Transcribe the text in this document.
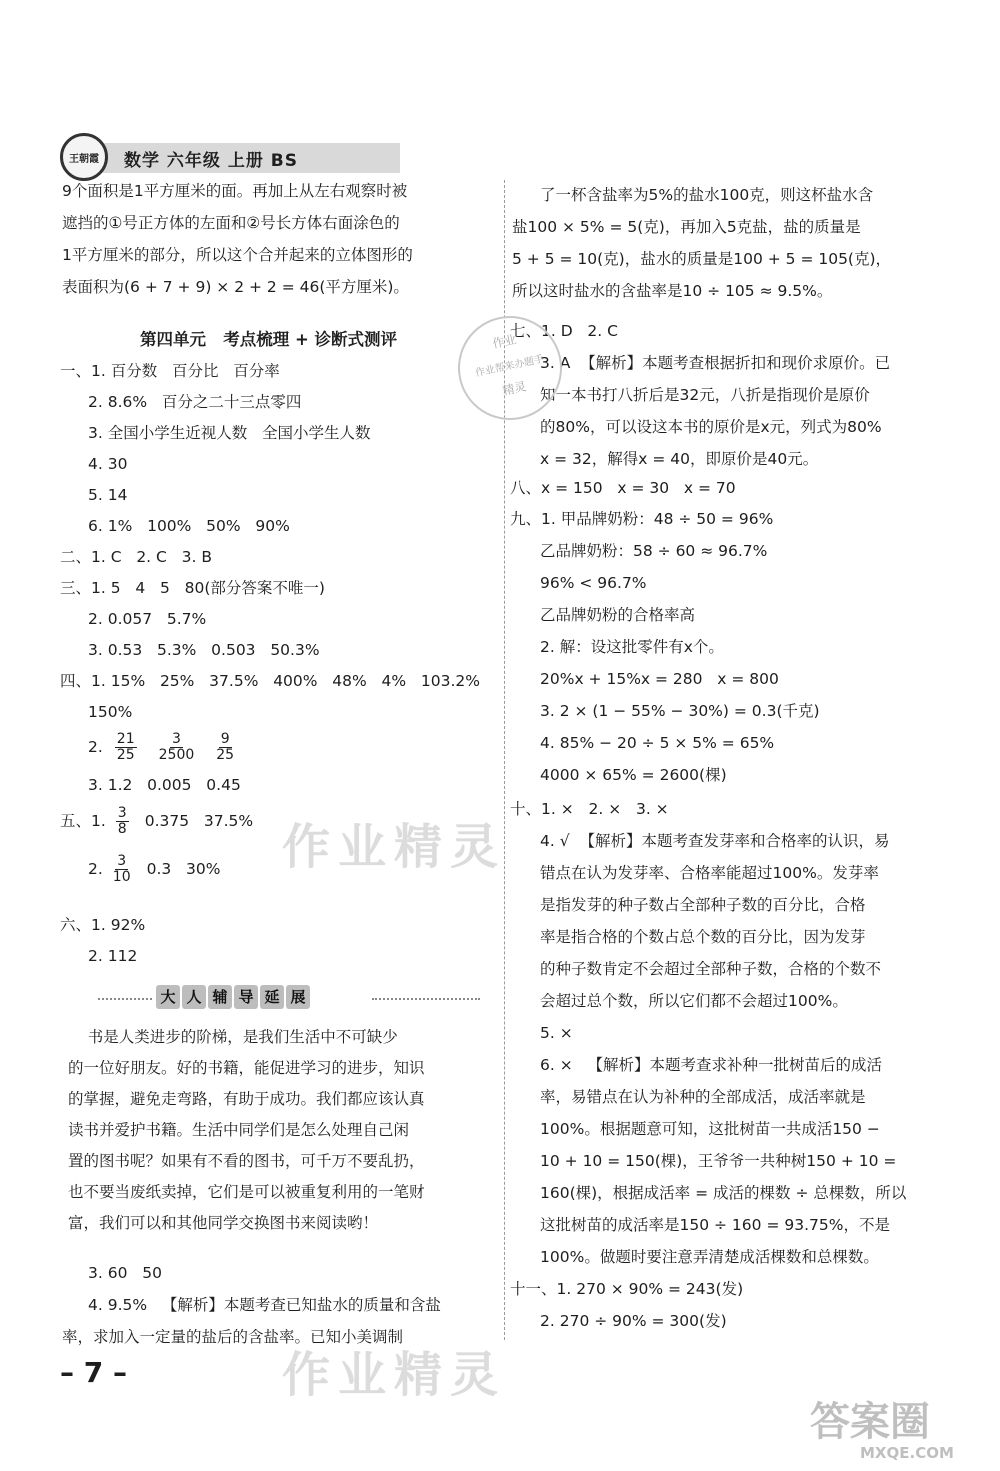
王朝霞	数学 六年级 上册 BS
9个面积是1平方厘米的面。再加上从左右观察时被
遮挡的①号正方体的左面和②号长方体右面涂色的
1平方厘米的部分，所以这个合并起来的立体图形的
表面积为(6 + 7 + 9) × 2 + 2 = 46(平方厘米)。
第四单元   考点梳理 + 诊断式测评
一、1. 百分数   百分比   百分率
2. 8.6%   百分之二十三点零四
3. 全国小学生近视人数   全国小学生人数
4. 30
5. 14
6. 1%   100%   50%   90%
二、1. C   2. C   3. B
三、1. 5   4   5   80(部分答案不唯一)
2. 0.057   5.7%
3. 0.53   5.3%   0.503   50.3%
四、1. 15%   25%   37.5%   400%   48%   4%   103.2%
150%
2. $\frac{21}{25} \frac{3}{2500} \frac{9}{25}$
3. 1.2   0.005   0.45
五、1. $\frac{3}{8} 0.375$   37.5%
2. $\frac{3}{10} 0.3$   30%
六、1. 92%
2. 112
书是人类进步的阶梯，是我们生活中不可缺少
的一位好朋友。好的书籍，能促进学习的进步，知识
的掌握，避免走弯路，有助于成功。我们都应该认真
读书并爱护书籍。生活中同学们是怎么处理自己闲
置的图书呢？如果有不看的图书，可千万不要乱扔，
也不要当废纸卖掉，它们是可以被重复利用的一笔财
富，我们可以和其他同学交换图书来阅读哟！
3. 60   50
4. 9.5%   【解析】本题考查已知盐水的质量和含盐
率，求加入一定量的盐后的含盐率。已知小美调制
大 人 辅 导 延 展
了一杯含盐率为5%的盐水100克，则这杯盐水含
盐100 × 5% = 5(克)，再加入5克盐，盐的质量是
5 + 5 = 10(克)，盐水的质量是100 + 5 = 105(克)，
所以这时盐水的含盐率是10 ÷ 105 ≈ 9.5%。
七、1. D   2. C
3. A  【解析】本题考查根据折扣和现价求原价。已
知一本书打八折后是32元，八折是指现价是原价
的80%，可以设这本书的原价是x元，列式为80%
x = 32，解得x = 40，即原价是40元。
八、x = 150   x = 30   x = 70
九、1. 甲品牌奶粉：48 ÷ 50 = 96%
乙品牌奶粉：58 ÷ 60 ≈ 96.7%
96% < 96.7%
乙品牌奶粉的合格率高
2. 解：设这批零件有x个。
20%x + 15%x = 280   x = 800
3. 2 × (1 − 55% − 30%) = 0.3(千克)
4. 85% − 20 ÷ 5 × 5% = 65%
4000 × 65% = 2600(棵)
十、1. ×   2. ×   3. ×
4. √  【解析】本题考查发芽率和合格率的认识，易
错点在认为发芽率、合格率能超过100%。发芽率
是指发芽的种子数占全部种子数的百分比，合格
率是指合格的个数占总个数的百分比，因为发芽
的种子数肯定不会超过全部种子数，合格的个数不
会超过总个数，所以它们都不会超过100%。
5. ×
6. ×   【解析】本题考查求补种一批树苗后的成活
率，易错点在认为补种的全部成活，成活率就是
100%。根据题意可知，这批树苗一共成活150 −
10 + 10 = 150(棵)，王爷爷一共种树150 + 10 =
160(棵)，根据成活率 = 成活的棵数 ÷ 总棵数，所以
这批树苗的成活率是150 ÷ 160 = 93.75%，不是
100%。做题时要注意弄清楚成活棵数和总棵数。
十一、1. 270 × 90% = 243(发)
2. 270 ÷ 90% = 300(发)
作业
作业帮来办题手
精灵
作业精灵
作业精灵
– 7 –
答案圈
MXQE.COM
